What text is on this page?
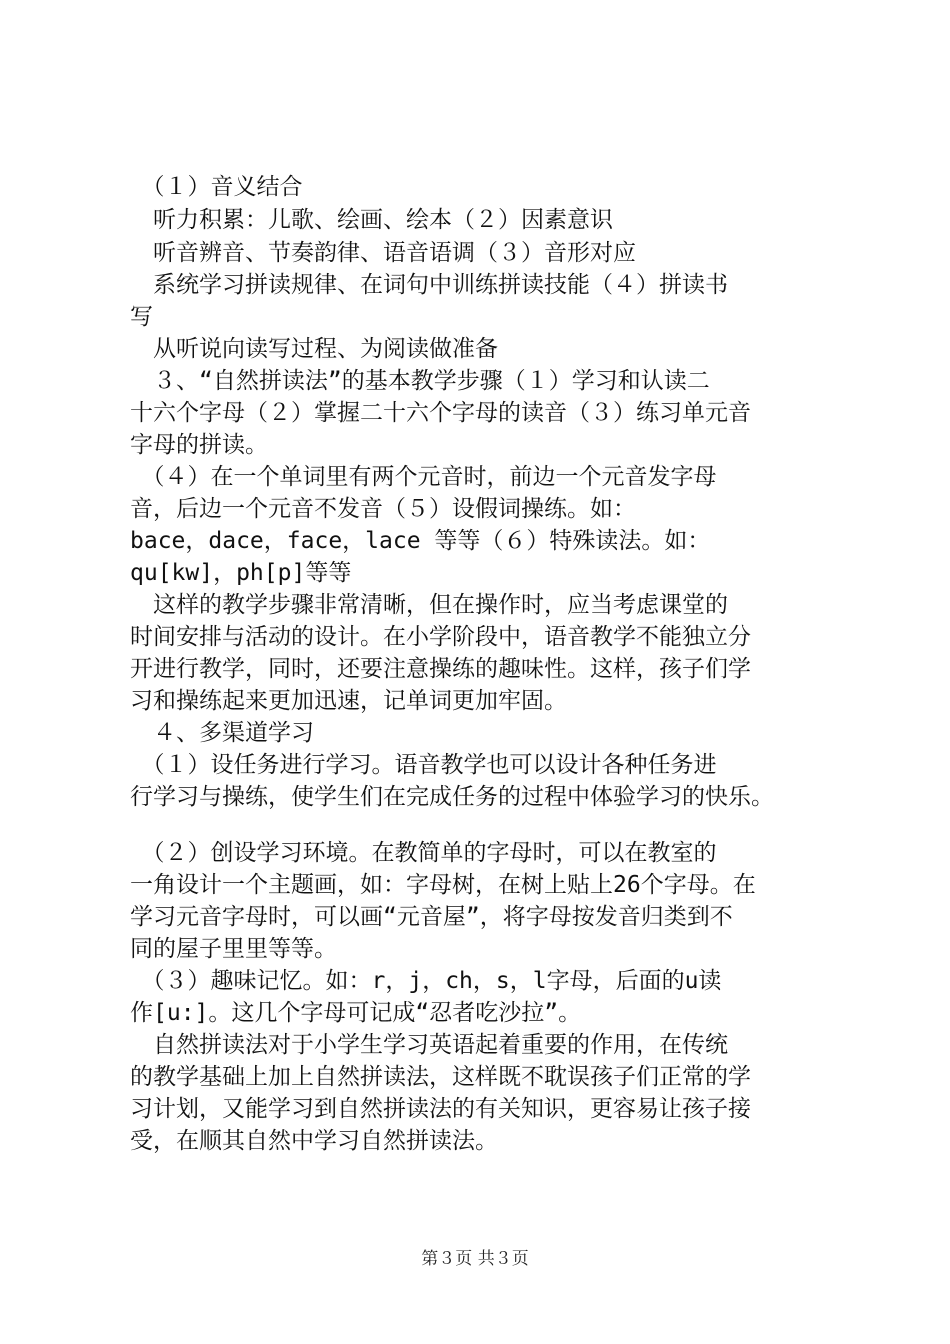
　（１）音义结合
　听力积累：儿歌、绘画、绘本（２）因素意识
　听音辨音、节奏韵律、语音语调（３）音形对应
　系统学习拼读规律、在词句中训练拼读技能（４）拼读书
写
　从听说向读写过程、为阅读做准备
　３、“自然拼读法”的基本教学步骤（１）学习和认读二
十六个字母（２）掌握二十六个字母的读音（３）练习单元音
字母的拼读。
　（４）在一个单词里有两个元音时，前边一个元音发字母
音，后边一个元音不发音（５）设假词操练。如：
bace，dace，face，lace 等等（６）特殊读法。如：
qu[kw]，ph[p]等等
　这样的教学步骤非常清晰，但在操作时，应当考虑课堂的
时间安排与活动的设计。在小学阶段中，语音教学不能独立分
开进行教学，同时，还要注意操练的趣味性。这样，孩子们学
习和操练起来更加迅速，记单词更加牢固。
　４、多渠道学习
　（１）设任务进行学习。语音教学也可以设计各种任务进
行学习与操练，使学生们在完成任务的过程中体验学习的快乐。
　（２）创设学习环境。在教简单的字母时，可以在教室的
一角设计一个主题画，如：字母树，在树上贴上26个字母。在
学习元音字母时，可以画“元音屋”，将字母按发音归类到不
同的屋子里里等等。
　（３）趣味记忆。如：r，j，ch，s，l字母，后面的u读
作[u:]。这几个字母可记成“忍者吃沙拉”。
　自然拼读法对于小学生学习英语起着重要的作用，在传统
的教学基础上加上自然拼读法，这样既不耽误孩子们正常的学
习计划，又能学习到自然拼读法的有关知识，更容易让孩子接
受，在顺其自然中学习自然拼读法。
第３页 共３页
